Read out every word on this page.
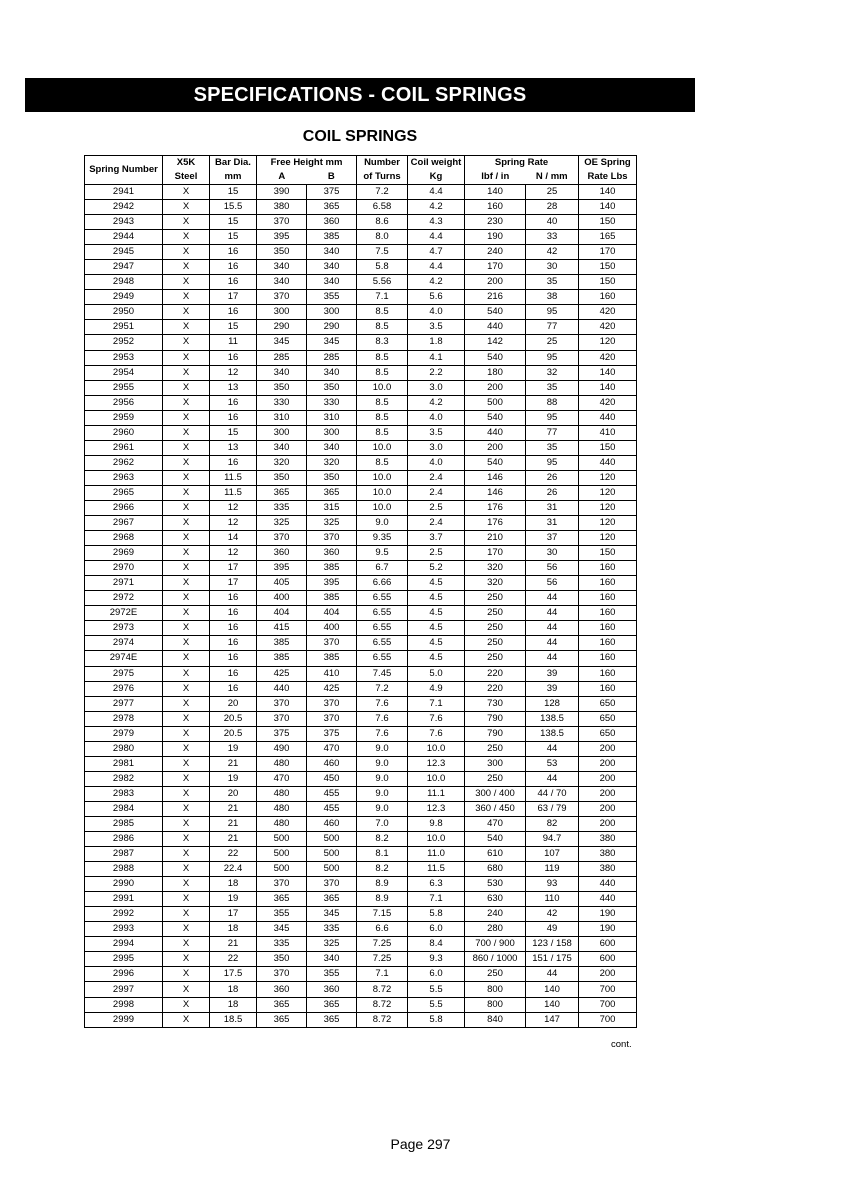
SPECIFICATIONS - COIL SPRINGS
COIL SPRINGS
Spring Number	X5K	Bar Dia.	Free Height mm		Number	Coil weight	Spring Rate		OE Spring
	Steel	mm	A	B	of Turns	Kg	lbf / in	N / mm	Rate Lbs
2941	X	15	390	375	7.2	4.4	140	25	140
2942	X	15.5	380	365	6.58	4.2	160	28	140
2943	X	15	370	360	8.6	4.3	230	40	150
2944	X	15	395	385	8.0	4.4	190	33	165
2945	X	16	350	340	7.5	4.7	240	42	170
2947	X	16	340	340	5.8	4.4	170	30	150
2948	X	16	340	340	5.56	4.2	200	35	150
2949	X	17	370	355	7.1	5.6	216	38	160
2950	X	16	300	300	8.5	4.0	540	95	420
2951	X	15	290	290	8.5	3.5	440	77	420
2952	X	11	345	345	8.3	1.8	142	25	120
2953	X	16	285	285	8.5	4.1	540	95	420
2954	X	12	340	340	8.5	2.2	180	32	140
2955	X	13	350	350	10.0	3.0	200	35	140
2956	X	16	330	330	8.5	4.2	500	88	420
2959	X	16	310	310	8.5	4.0	540	95	440
2960	X	15	300	300	8.5	3.5	440	77	410
2961	X	13	340	340	10.0	3.0	200	35	150
2962	X	16	320	320	8.5	4.0	540	95	440
2963	X	11.5	350	350	10.0	2.4	146	26	120
2965	X	11.5	365	365	10.0	2.4	146	26	120
2966	X	12	335	315	10.0	2.5	176	31	120
2967	X	12	325	325	9.0	2.4	176	31	120
2968	X	14	370	370	9.35	3.7	210	37	120
2969	X	12	360	360	9.5	2.5	170	30	150
2970	X	17	395	385	6.7	5.2	320	56	160
2971	X	17	405	395	6.66	4.5	320	56	160
2972	X	16	400	385	6.55	4.5	250	44	160
2972E	X	16	404	404	6.55	4.5	250	44	160
2973	X	16	415	400	6.55	4.5	250	44	160
2974	X	16	385	370	6.55	4.5	250	44	160
2974E	X	16	385	385	6.55	4.5	250	44	160
2975	X	16	425	410	7.45	5.0	220	39	160
2976	X	16	440	425	7.2	4.9	220	39	160
2977	X	20	370	370	7.6	7.1	730	128	650
2978	X	20.5	370	370	7.6	7.6	790	138.5	650
2979	X	20.5	375	375	7.6	7.6	790	138.5	650
2980	X	19	490	470	9.0	10.0	250	44	200
2981	X	21	480	460	9.0	12.3	300	53	200
2982	X	19	470	450	9.0	10.0	250	44	200
2983	X	20	480	455	9.0	11.1	300 / 400	44 / 70	200
2984	X	21	480	455	9.0	12.3	360 / 450	63 / 79	200
2985	X	21	480	460	7.0	9.8	470	82	200
2986	X	21	500	500	8.2	10.0	540	94.7	380
2987	X	22	500	500	8.1	11.0	610	107	380
2988	X	22.4	500	500	8.2	11.5	680	119	380
2990	X	18	370	370	8.9	6.3	530	93	440
2991	X	19	365	365	8.9	7.1	630	110	440
2992	X	17	355	345	7.15	5.8	240	42	190
2993	X	18	345	335	6.6	6.0	280	49	190
2994	X	21	335	325	7.25	8.4	700 / 900	123 / 158	600
2995	X	22	350	340	7.25	9.3	860 / 1000	151 / 175	600
2996	X	17.5	370	355	7.1	6.0	250	44	200
2997	X	18	360	360	8.72	5.5	800	140	700
2998	X	18	365	365	8.72	5.5	800	140	700
2999	X	18.5	365	365	8.72	5.8	840	147	700
cont.
Page 297
